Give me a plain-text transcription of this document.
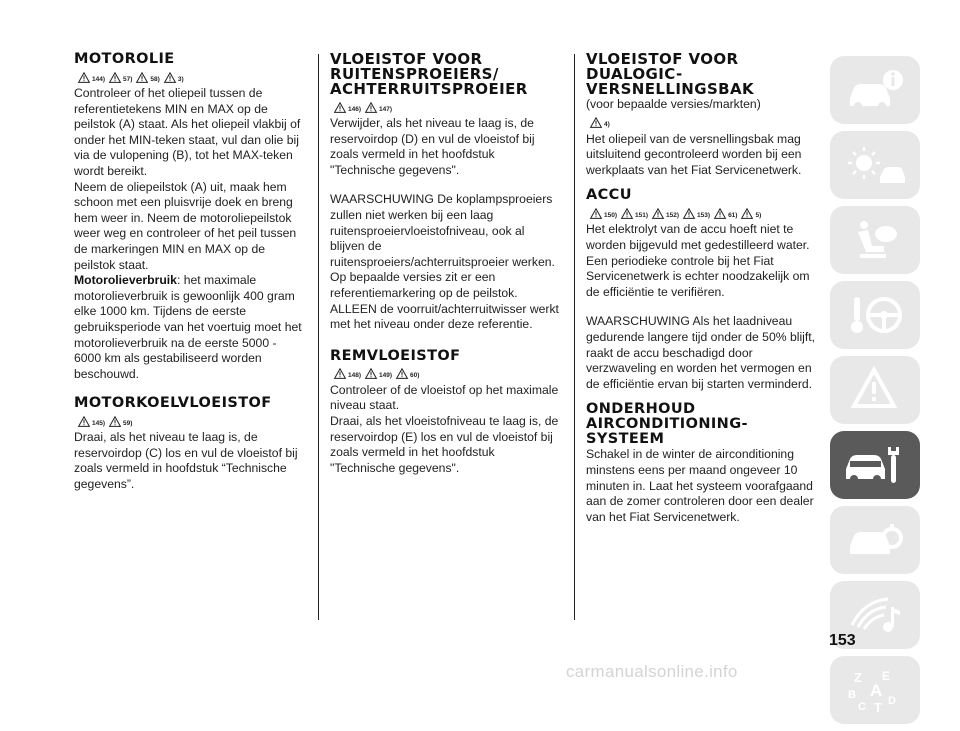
MOTOROLIE
144)	57)	58)	3)

Controleer of het oliepeil tussen de referentietekens MIN en MAX op de peilstok (A) staat. Als het oliepeil vlakbij of onder het MIN-teken staat, vul dan olie bij via de vulopening (B), tot het MAX-teken wordt bereikt.

Neem de oliepeilstok (A) uit, maak hem schoon met een pluisvrije doek en breng hem weer in. Neem de motoroliepeilstok weer weg en controleer of het peil tussen de markeringen MIN en MAX op de peilstok staat.

Motorolieverbruik: het maximale motorolieverbruik is gewoonlijk 400 gram elke 1000 km. Tijdens de eerste gebruiksperiode van het voertuig moet het motorolieverbruik na de eerste 5000 - 6000 km als gestabiliseerd worden beschouwd.

MOTORKOELVLOEISTOF
145)	59)

Draai, als het niveau te laag is, de reservoirdop (C) los en vul de vloeistof bij zoals vermeld in hoofdstuk “Technische gegevens”.

VLOEISTOF VOOR RUITENSPROEIERS/ ACHTERRUITSPROEIER
146)	147)

Verwijder, als het niveau te laag is, de reservoirdop (D) en vul de vloeistof bij zoals vermeld in het hoofdstuk "Technische gegevens".

WAARSCHUWING De koplampsproeiers zullen niet werken bij een laag ruitensproeiervloeistofniveau, ook al blijven de ruitensproeiers/achterruitsproeier werken. Op bepaalde versies zit er een referentiemarkering op de peilstok. ALLEEN de voorruit/achterruitwisser werkt met het niveau onder deze referentie.

REMVLOEISTOF
148)	149)	60)

Controleer of de vloeistof op het maximale niveau staat.

Draai, als het vloeistofniveau te laag is, de reservoirdop (E) los en vul de vloeistof bij zoals vermeld in het hoofdstuk "Technische gegevens".

VLOEISTOF VOOR DUALOGIC- VERSNELLINGSBAK

(voor bepaalde versies/markten)

4)

Het oliepeil van de versnellingsbak mag uitsluitend gecontroleerd worden bij een werkplaats van het Fiat Servicenetwerk.

ACCU
150)	151)	152)	153)	61)	5)

Het elektrolyt van de accu hoeft niet te worden bijgevuld met gedestilleerd water. Een periodieke controle bij het Fiat Servicenetwerk is echter noodzakelijk om de efficiëntie te verifiëren.

WAARSCHUWING Als het laadniveau gedurende langere tijd onder de 50% blijft, raakt de accu beschadigd door verzwaveling en worden het vermogen en de efficiëntie ervan bij starten verminderd.

ONDERHOUD AIRCONDITIONING- SYSTEEM

Schakel in de winter de airconditioning minstens eens per maand ongeveer 10 minuten in. Laat het systeem voorafgaand aan de zomer controleren door een dealer van het Fiat Servicenetwerk.

Z E
B A
C T D
153
carmanualsonline.info
